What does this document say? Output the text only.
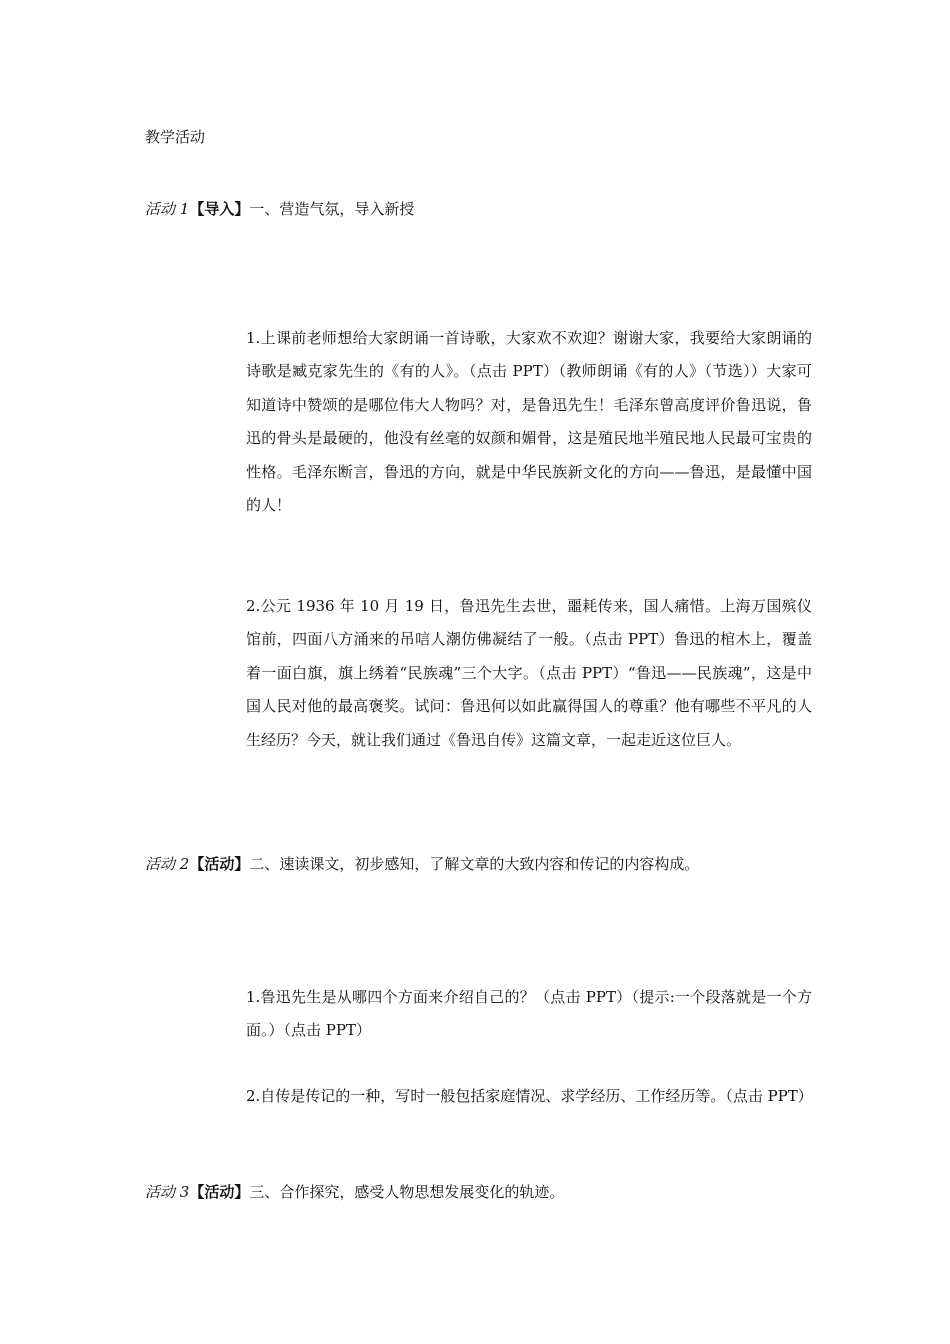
教学活动
活动 1【导入】一、营造气氛，导入新授
1.上课前老师想给大家朗诵一首诗歌，大家欢不欢迎？谢谢大家，我要给大家朗诵的诗歌是臧克家先生的《有的人》。（点击 PPT）（教师朗诵《有的人》（节选））大家可知道诗中赞颂的是哪位伟大人物吗？对，是鲁迅先生！毛泽东曾高度评价鲁迅说，鲁迅的骨头是最硬的，他没有丝毫的奴颜和媚骨，这是殖民地半殖民地人民最可宝贵的性格。毛泽东断言，鲁迅的方向，就是中华民族新文化的方向——鲁迅，是最懂中国的人！
2.公元 1936 年 10 月 19 日，鲁迅先生去世，噩耗传来，国人痛惜。上海万国殡仪馆前，四面八方涌来的吊唁人潮仿佛凝结了一般。（点击 PPT）鲁迅的棺木上，覆盖着一面白旗，旗上绣着“民族魂”三个大字。（点击 PPT）“鲁迅——民族魂”，这是中国人民对他的最高褒奖。试问：鲁迅何以如此赢得国人的尊重？他有哪些不平凡的人生经历？今天，就让我们通过《鲁迅自传》这篇文章，一起走近这位巨人。
活动 2【活动】二、速读课文，初步感知，了解文章的大致内容和传记的内容构成。
1.鲁迅先生是从哪四个方面来介绍自己的？（点击 PPT）（提示:一个段落就是一个方面。）（点击 PPT）
2.自传是传记的一种，写时一般包括家庭情况、求学经历、工作经历等。（点击 PPT）
活动 3【活动】三、合作探究，感受人物思想发展变化的轨迹。
